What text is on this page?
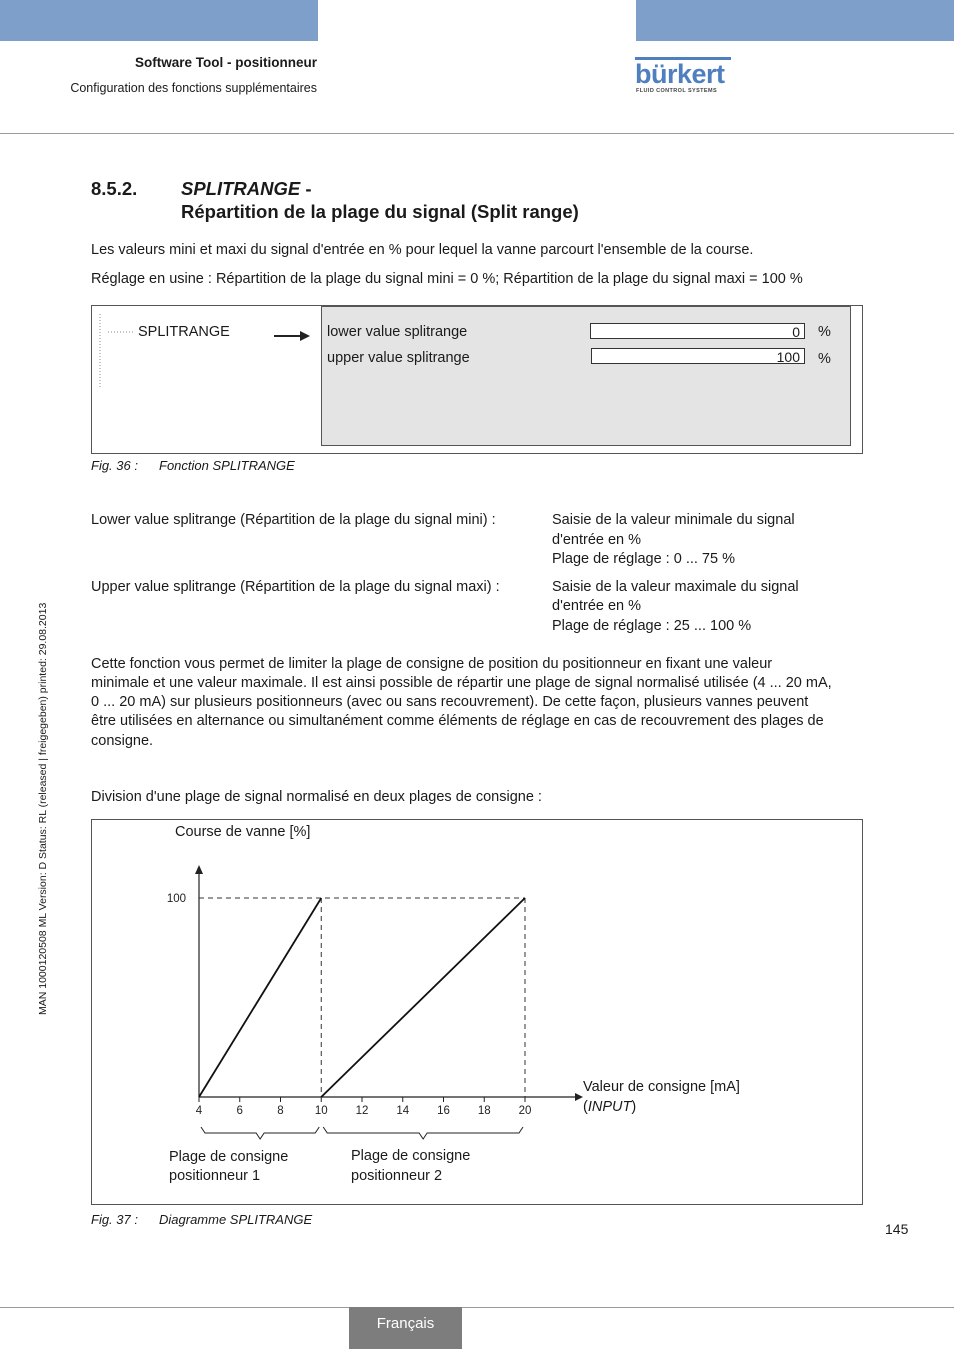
Software Tool - positionneur
Configuration des fonctions supplémentaires	bürkert
FLUID CONTROL SYSTEMS
8.5.2. SPLITRANGE -
Répartition de la plage du signal (Split range)
Les valeurs mini et maxi du signal d'entrée en % pour lequel la vanne parcourt l'ensemble de la course.
Réglage en usine : Répartition de la plage du signal mini = 0 %; Répartition de la plage du signal maxi = 100 %
SPLITRANGE	lower value splitrange	0	%
upper value splitrange	100	%
Fig. 36 : Fonction SPLITRANGE
Lower value splitrange (Répartition de la plage du signal mini) :	Saisie de la valeur minimale du signal
d'entrée en %
Plage de réglage : 0 ... 75 %
Upper value splitrange (Répartition de la plage du signal maxi) :	Saisie de la valeur maximale du signal
d'entrée en %
Plage de réglage : 25 ... 100 %
Cette fonction vous permet de limiter la plage de consigne de position du positionneur en fixant une valeur
minimale et une valeur maximale. Il est ainsi possible de répartir une plage de signal normalisé utilisée (4 ... 20 mA,
0 ... 20 mA) sur plusieurs positionneurs (avec ou sans recouvrement). De cette façon, plusieurs vannes peuvent
être utilisées en alternance ou simultanément comme éléments de réglage en cas de recouvrement des plages de
consigne.
Division d'une plage de signal normalisé en deux plages de consigne :
Course de vanne [%]
Valeur de consigne [mA]
(INPUT)
4	6	8	10 12 14 16 18 20
100
Plage de consigne
positionneur 1
Plage de consigne
positionneur 2
Fig. 37 : Diagramme SPLITRANGE
145
MAN 1000120508 ML Version: D Status: RL (released | freigegeben) printed: 29.08.2013
Français
